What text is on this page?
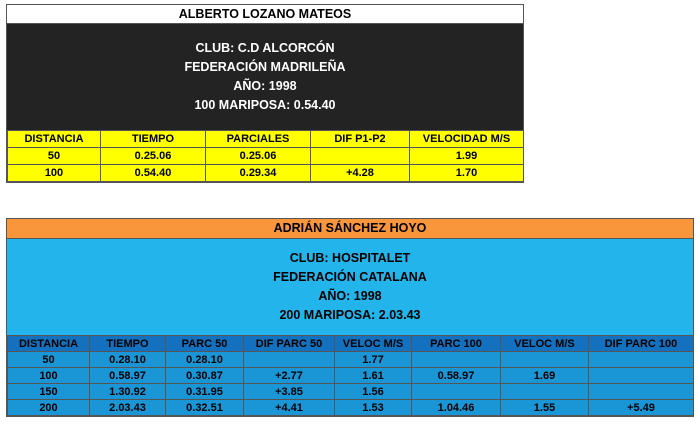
ALBERTO LOZANO MATEOS
CLUB: C.D ALCORCÓN
FEDERACIÓN MADRILEÑA
AÑO: 1998
100 MARIPOSA: 0.54.40
DISTANCIA	TIEMPO	PARCIALES	DIF P1-P2	VELOCIDAD M/S
50	0.25.06	0.25.06		1.99
100	0.54.40	0.29.34	+4.28	1.70
ADRIÁN SÁNCHEZ HOYO
CLUB: HOSPITALET
FEDERACIÓN CATALANA
AÑO: 1998
200 MARIPOSA: 2.03.43
DISTANCIA	TIEMPO	PARC 50	DIF PARC 50	VELOC M/S	PARC 100	VELOC M/S	DIF PARC 100
50	0.28.10	0.28.10		1.77			
100	0.58.97	0.30.87	+2.77	1.61	0.58.97	1.69	
150	1.30.92	0.31.95	+3.85	1.56			
200	2.03.43	0.32.51	+4.41	1.53	1.04.46	1.55	+5.49
